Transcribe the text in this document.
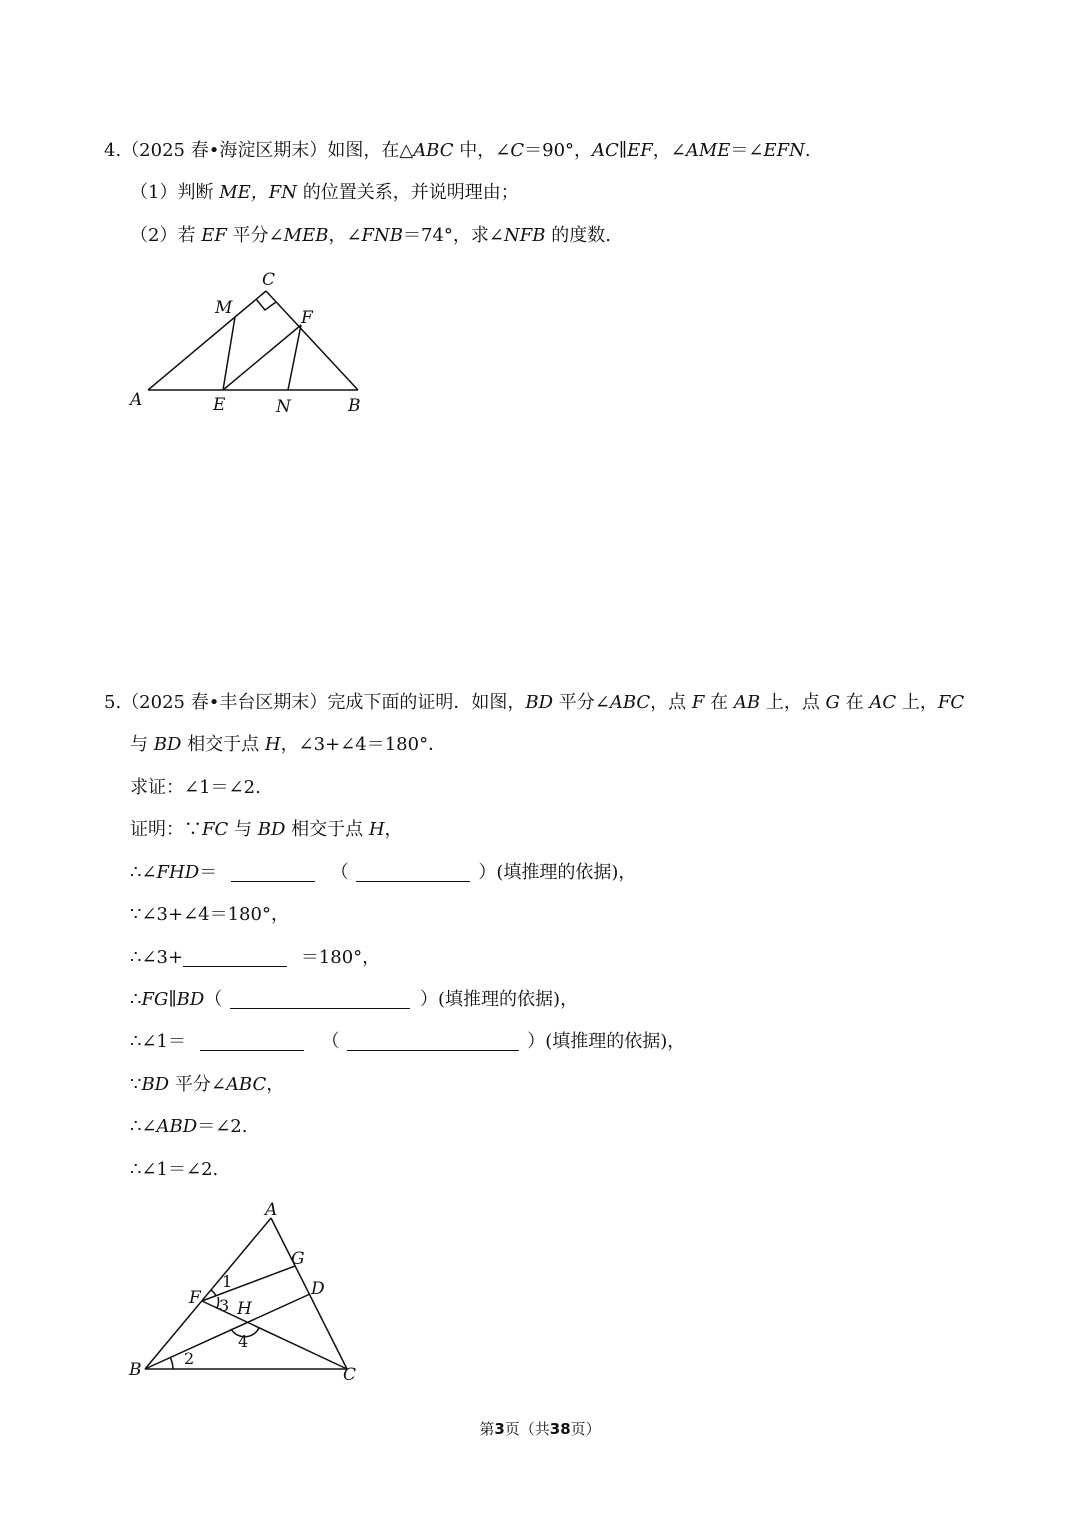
4.（2025 春•海淀区期末）如图，在△ABC 中，∠C＝90°，AC∥EF，∠AME＝∠EFN.
（1）判断 ME，FN 的位置关系，并说明理由；
（2）若 EF 平分∠MEB，∠FNB＝74°，求∠NFB 的度数.
A	B
C
M
E
F
N
5.（2025 春•丰台区期末）完成下面的证明．如图，BD 平分∠ABC，点 F 在 AB 上，点 G 在 AC 上，FC
与 BD 相交于点 H，∠3+∠4＝180°．
求证：∠1＝∠2.
证明：∵FC 与 BD 相交于点 H，
∴∠FHD＝	（	）(填推理的依据)，
∵∠3+∠4＝180°，
∴∠3+	＝180°，
∴FG∥BD（	）(填推理的依据)，
∴∠1＝	（	）(填推理的依据)，
∵BD 平分∠ABC，
∴∠ABD＝∠2.
∴∠1＝∠2.
A
G
D
F
H
B	C
1
3
4
2
第3页（共38页）
